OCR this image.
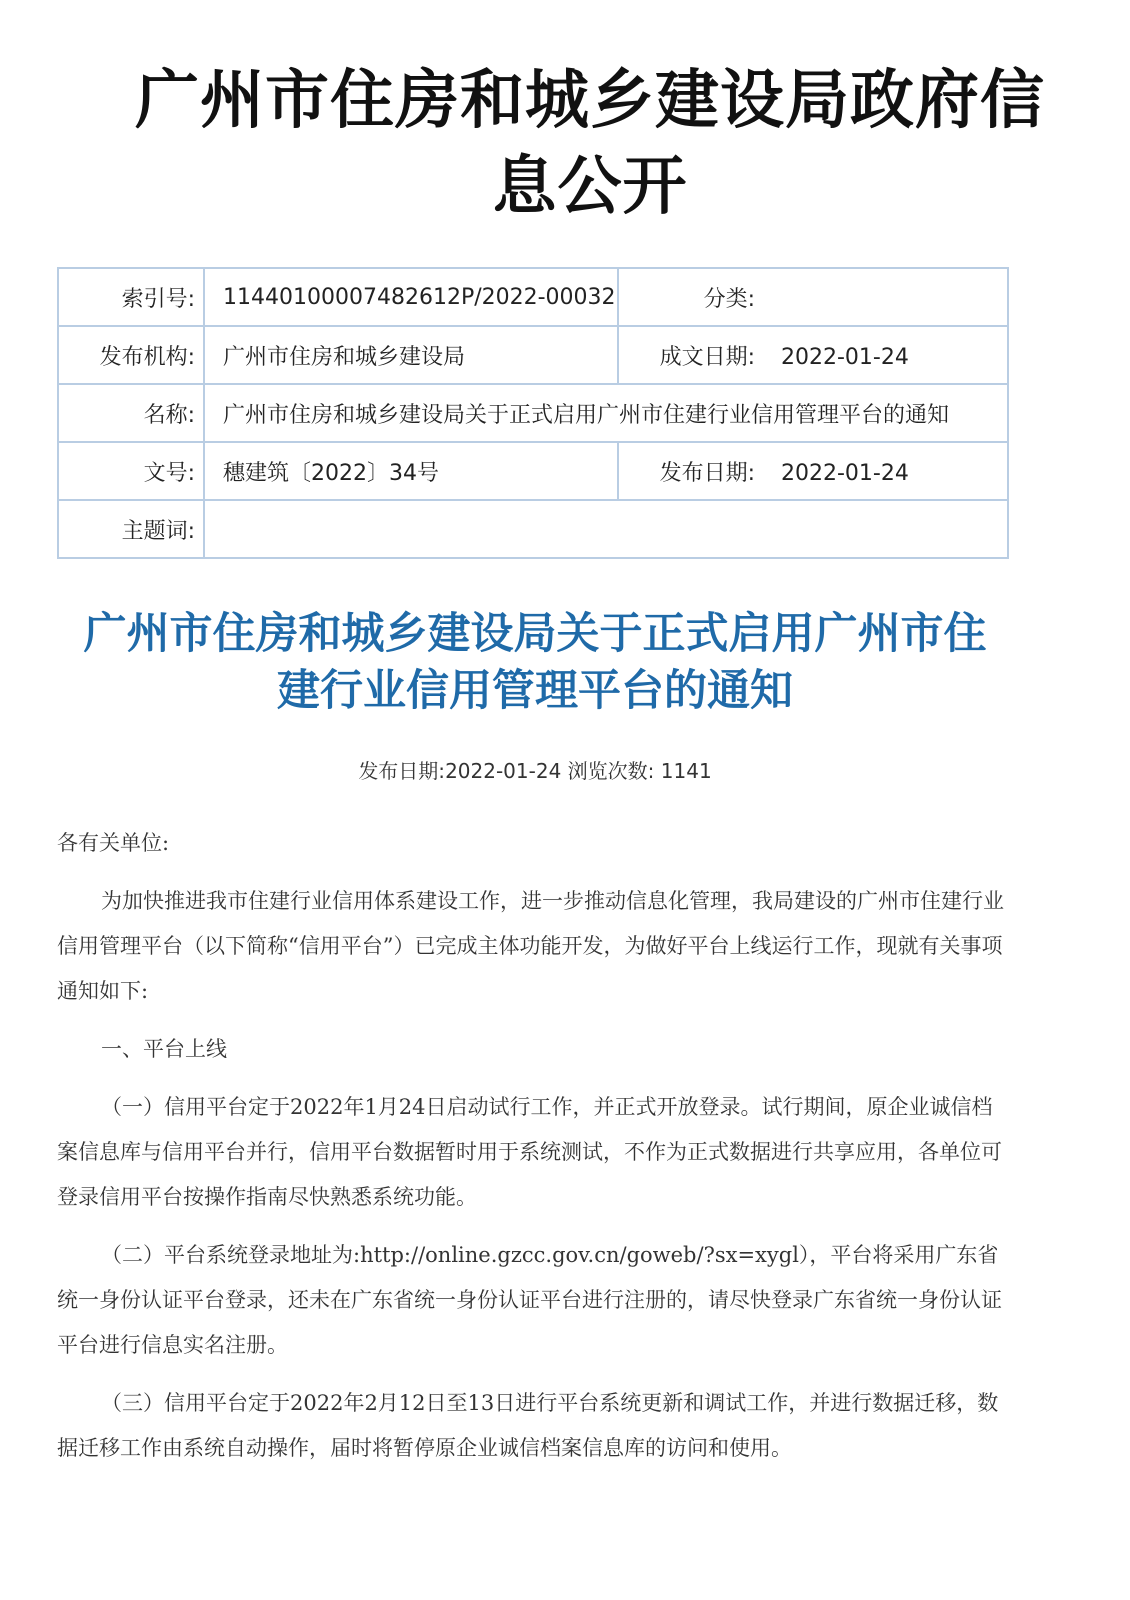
广州市住房和城乡建设局政府信息公开
索引号:	11440100007482612P/2022-00032	分类:
发布机构:	广州市住房和城乡建设局	成文日期: 2022-01-24
名称:	广州市住房和城乡建设局关于正式启用广州市住建行业信用管理平台的通知	
文号:	穗建筑〔2022〕34号	发布日期: 2022-01-24
主题词:		
广州市住房和城乡建设局关于正式启用广州市住
建行业信用管理平台的通知
发布日期:2022-01-24 浏览次数: 1141

各有关单位:

为加快推进我市住建行业信用体系建设工作，进一步推动信息化管理，我局建设的广州市住建行业信用管理平台（以下简称“信用平台”）已完成主体功能开发，为做好平台上线运行工作，现就有关事项通知如下:

一、平台上线

（一）信用平台定于2022年1月24日启动试行工作，并正式开放登录。试行期间，原企业诚信档案信息库与信用平台并行，信用平台数据暂时用于系统测试，不作为正式数据进行共享应用，各单位可登录信用平台按操作指南尽快熟悉系统功能。

（二）平台系统登录地址为:http://online.gzcc.gov.cn/goweb/?sx=xygl），平台将采用广东省统一身份认证平台登录，还未在广东省统一身份认证平台进行注册的，请尽快登录广东省统一身份认证平台进行信息实名注册。

（三）信用平台定于2022年2月12日至13日进行平台系统更新和调试工作，并进行数据迁移，数据迁移工作由系统自动操作，届时将暂停原企业诚信档案信息库的访问和使用。
